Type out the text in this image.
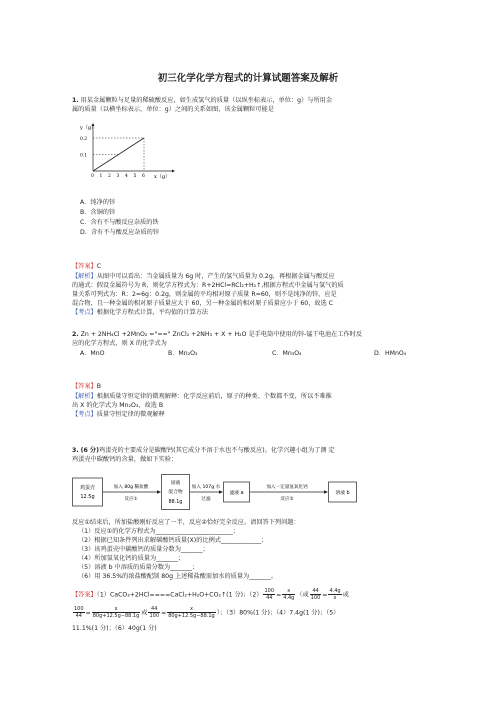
初三化学化学方程式的计算试题答案及解析
1. 用某金属颗粒与足量的稀硫酸反应，如生成氢气的质量（以纵坐标表示，单位：g）与所用金
属的质量（以横坐标表示，单位：g）之间的关系如图，该金属颗粒可能是
y（g）
0.2
0.1
0 1 2 3 4 5 6 x（g）
A．纯净的锌
B．含铜的锌
C．含有不与酸反应杂质的铁
D．含有不与酸反应杂质的锌
【答案】C
【解析】从图中可以看出：当金属质量为 6g 时，产生的氢气质量为 0.2g，再根据金属与酸反应
的通式：假设金属符号为 R，则化学方程式为：R+2HCl=RCl₂+H₂↑,根据方程式中金属与氢气的质
量关系可列式为：R：2=6g：0.2g，则金属的平均相对原子质量 R=60，则不是纯净的锌，应是
混合物，且一种金属的相对原子质量应大于 60，另一种金属的相对原子质量应小于 60，故选 C
【考点】根据化学方程式计算，平均值的计算方法
2. Zn + 2NH₄Cl +2MnO₂ ="==" ZnCl₂ +2NH₃ + X + H₂O 是手电筒中使用的锌-锰干电池在工作时反
应的化学方程式，则 X 的化学式为
A．MnO	B．Mn₂O₃	C．Mn₃O₄	D．HMnO₄
【答案】B
【解析】根据质量守恒定律的微观解释：化学反应前后，原子的种类、个数都不变，所以不难推
出 X 的化学式为 Mn₂O₃，故选 B
【考点】质量守恒定律的微观解释
3. (6 分)鸡蛋壳的主要成分是碳酸钙(其它成分不溶于水也不与酸反应)。化学兴趣小组为了测 定
鸡蛋壳中碳酸钙的含量，做如下实验：
鸡蛋壳
12.5g
加入 80g 稀盐酸
反应①
固液
混合物
88.1g
加入 107g 水
过滤
滤液 a
加入一定量氢氧化钙
反应②
溶液 b
反应①结束后，所加盐酸刚好反应了一半，反应②恰好完全反应。请回答下列问题：
（1）反应①的化学方程式为_________________________；
（2）根据已知条件列出求解碳酸钙质量(X)的比例式_____________；
（3）该鸡蛋壳中碳酸钙的质量分数为_______；
（4）所加氢氧化钙的质量为_______；
（5）溶液 b 中溶质的质量分数为_______；
（6）用 36.5%的浓盐酸配制 80g 上述稀盐酸需加水的质量为_______。
【答案】（1）CaCO₃+2HCl====CaCl₂+H₂O+CO₂↑(1 分)；$(2) \frac{100}{44} = \frac{x}{4.4g}$ （或 $\frac{44}{100} = \frac{4.4g}{x}$ 或
$\frac{100}{44} = \frac{x}{80g+12.5g-88.1g}$ 或 $\frac{44}{100} = \frac{x}{80g+12.5g-88.1g}$ ）；（3）80%(1 分)；（4）7.4g(1 分)；（5）
11.1%(1 分)；（6）40g(1 分)
